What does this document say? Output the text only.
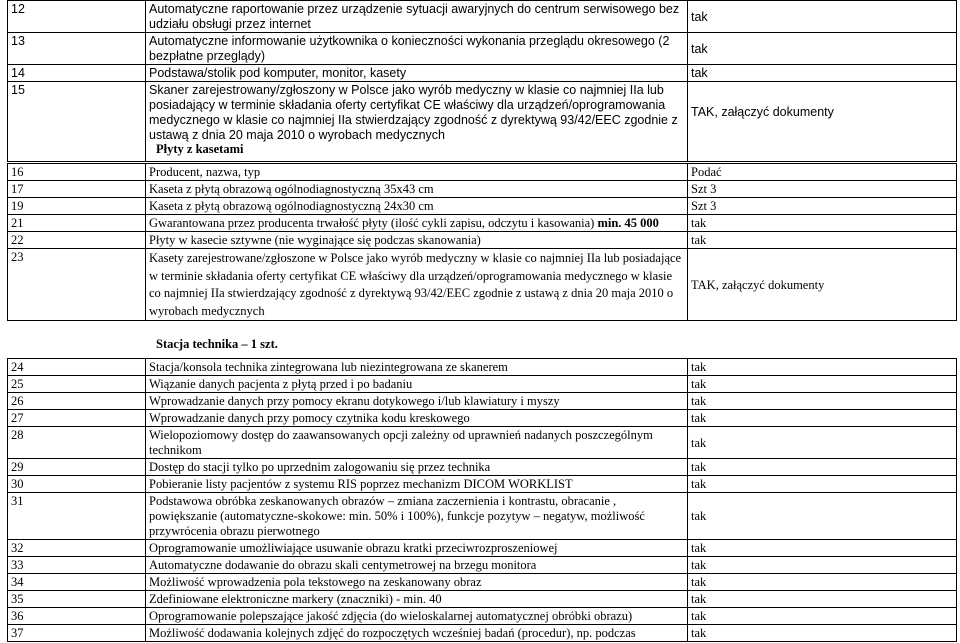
12	Automatyczne raportowanie przez urządzenie sytuacji awaryjnych do centrum serwisowego bez udziału obsługi przez internet	tak
13	Automatyczne informowanie użytkownika o konieczności wykonania przeglądu okresowego (2 bezpłatne przeglądy)	tak
14	Podstawa/stolik pod komputer, monitor, kasety	tak
15	Skaner zarejestrowany/zgłoszony w Polsce jako wyrób medyczny w klasie co najmniej IIa lub posiadający w terminie składania oferty certyfikat CE właściwy dla urządzeń/oprogramowania medycznego w klasie co najmniej IIa stwierdzający zgodność z dyrektywą 93/42/EEC zgodnie z ustawą z dnia 20 maja 2010 o wyrobach medycznych	TAK, załączyć dokumenty
Płyty z kasetami
16	Producent, nazwa, typ	Podać
17	Kaseta z płytą obrazową ogólnodiagnostyczną 35x43 cm	Szt 3
19	Kaseta z płytą obrazową ogólnodiagnostyczną 24x30 cm	Szt 3
21	Gwarantowana przez producenta trwałość płyty (ilość cykli zapisu, odczytu i kasowania) min. 45 000	tak
22	Płyty w kasecie sztywne (nie wyginające się podczas skanowania)	tak
23	Kasety zarejestrowane/zgłoszone w Polsce jako wyrób medyczny w klasie co najmniej IIa lub posiadające w terminie składania oferty certyfikat CE właściwy dla urządzeń/oprogramowania medycznego w klasie co najmniej IIa stwierdzający zgodność z dyrektywą 93/42/EEC zgodnie z ustawą z dnia 20 maja 2010 o wyrobach medycznych	TAK, załączyć dokumenty
Stacja technika – 1 szt.
24	Stacja/konsola technika zintegrowana lub niezintegrowana ze skanerem	tak
25	Wiązanie danych pacjenta z płytą przed i po badaniu	tak
26	Wprowadzanie danych przy pomocy ekranu dotykowego i/lub klawiatury i myszy	tak
27	Wprowadzanie danych przy pomocy czytnika kodu kreskowego	tak
28	Wielopoziomowy dostęp do zaawansowanych opcji zależny od uprawnień nadanych poszczególnym technikom	tak
29	Dostęp do stacji tylko po uprzednim zalogowaniu się przez technika	tak
30	Pobieranie listy pacjentów z systemu RIS poprzez mechanizm DICOM WORKLIST	tak
31	Podstawowa obróbka zeskanowanych obrazów – zmiana zaczernienia i kontrastu, obracanie , powiększanie (automatyczne-skokowe: min. 50% i 100%), funkcje pozytyw – negatyw, możliwość przywrócenia obrazu pierwotnego	tak
32	Oprogramowanie umożliwiające usuwanie obrazu kratki przeciwrozproszeniowej	tak
33	Automatyczne dodawanie do obrazu skali centymetrowej na brzegu monitora	tak
34	Możliwość wprowadzenia pola tekstowego na zeskanowany obraz	tak
35	Zdefiniowane elektroniczne markery (znaczniki) - min. 40	tak
36	Oprogramowanie polepszające jakość zdjęcia (do wieloskalarnej automatycznej obróbki obrazu)	tak
37	Możliwość dodawania kolejnych zdjęć do rozpoczętych wcześniej badań (procedur), np. podczas	tak
